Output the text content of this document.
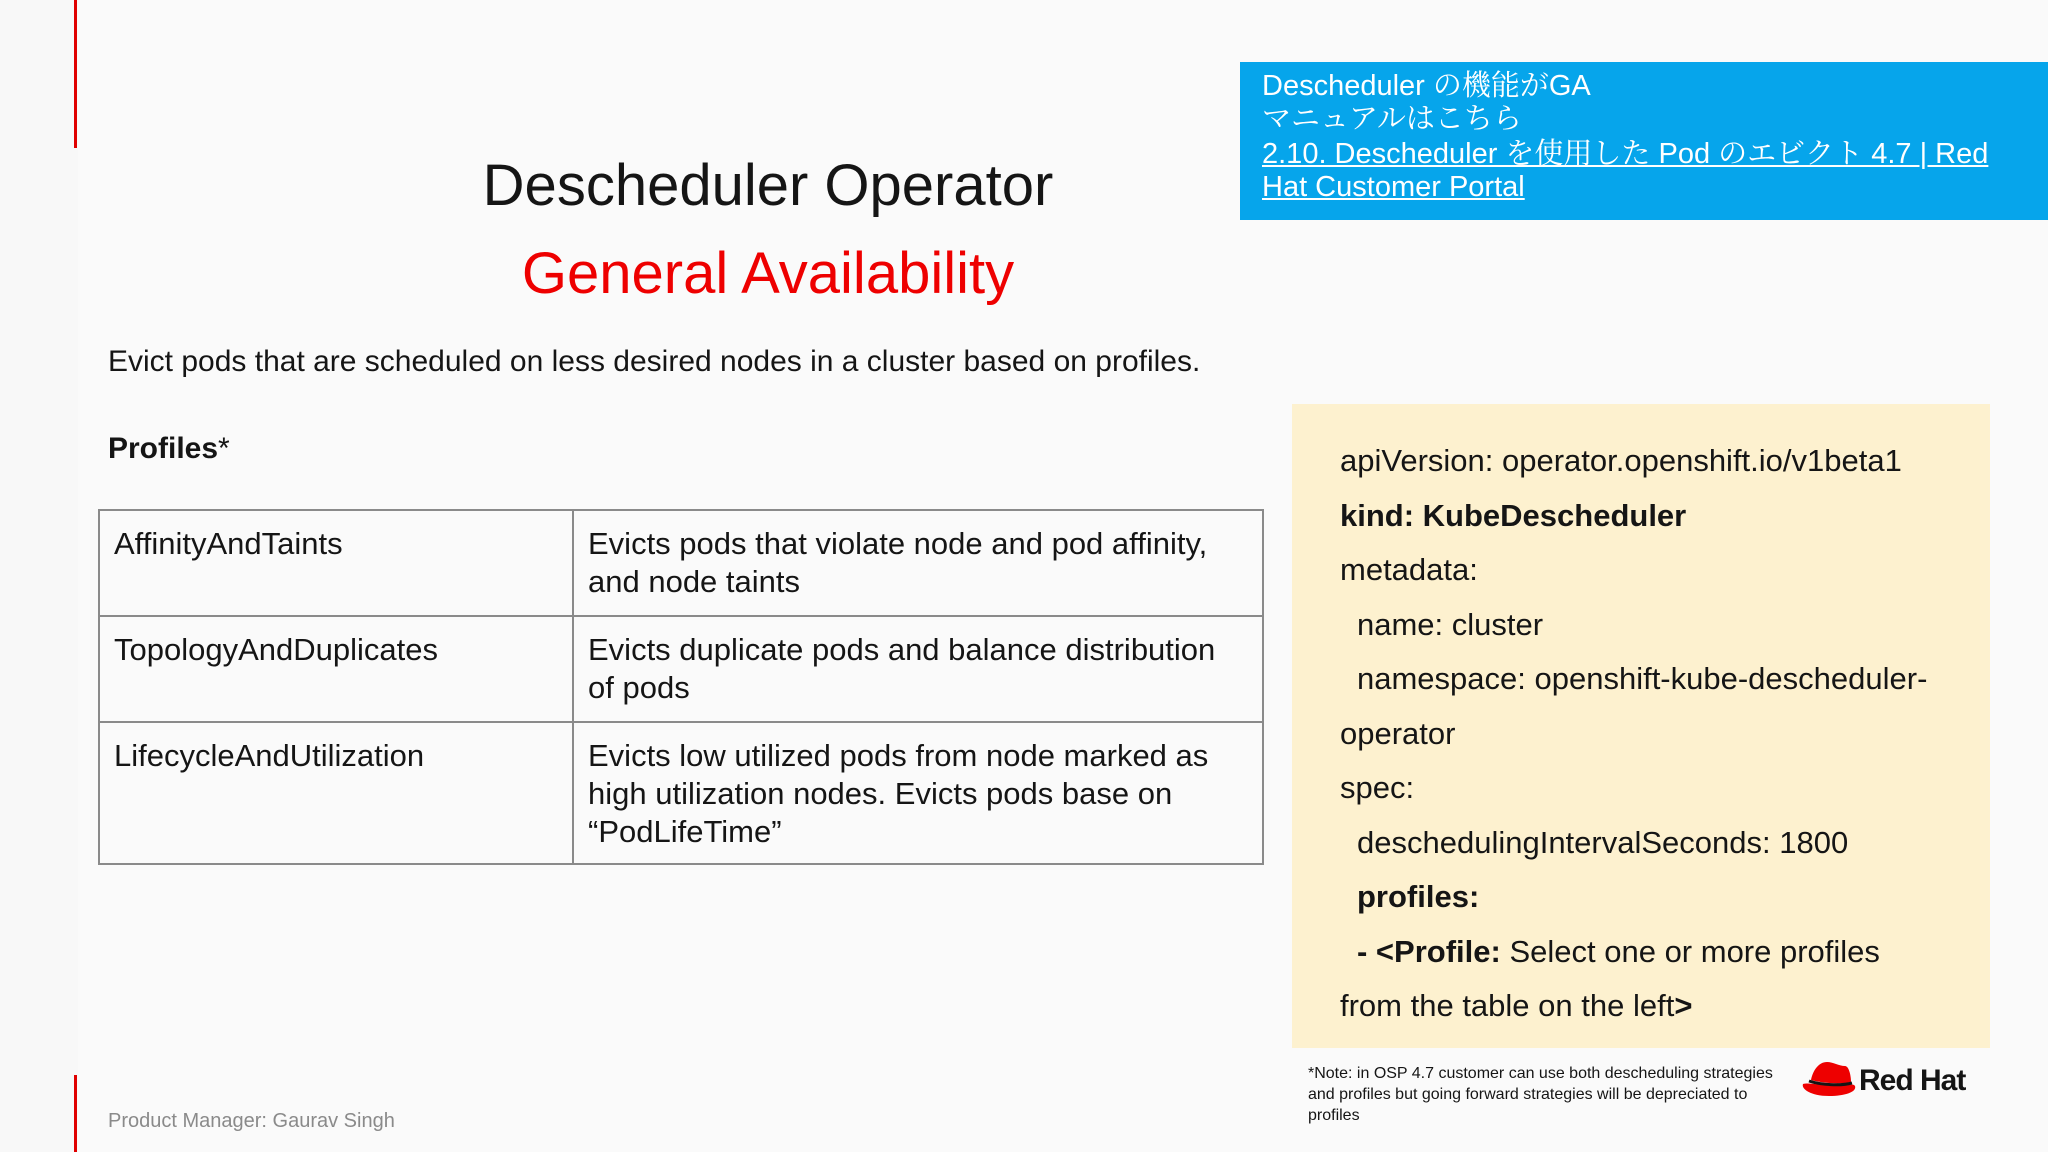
Descheduler Operator
General Availability
Evict pods that are scheduled on less desired nodes in a cluster based on profiles.
Profiles*
AffinityAndTaints	Evicts pods that violate node and pod affinity, and node taints
TopologyAndDuplicates	Evicts duplicate pods and balance distribution of pods
LifecycleAndUtilization	Evicts low utilized pods from node marked as high utilization nodes. Evicts pods base on “PodLifeTime”
Descheduler の機能がGA
マニュアルはこちら
2.10. Descheduler を使用した Pod のエビクト 4.7 | Red Hat Customer Portal
apiVersion: operator.openshift.io/v1beta1
kind: KubeDescheduler
metadata:
name: cluster
namespace: openshift-kube-descheduler-
operator
spec:
deschedulingIntervalSeconds: 1800
profiles:
- <Profile: Select one or more profiles
from the table on the left>
*Note: in OSP 4.7 customer can use both descheduling strategies and profiles but going forward strategies will be depreciated to profiles
Red Hat
Product Manager: Gaurav Singh
